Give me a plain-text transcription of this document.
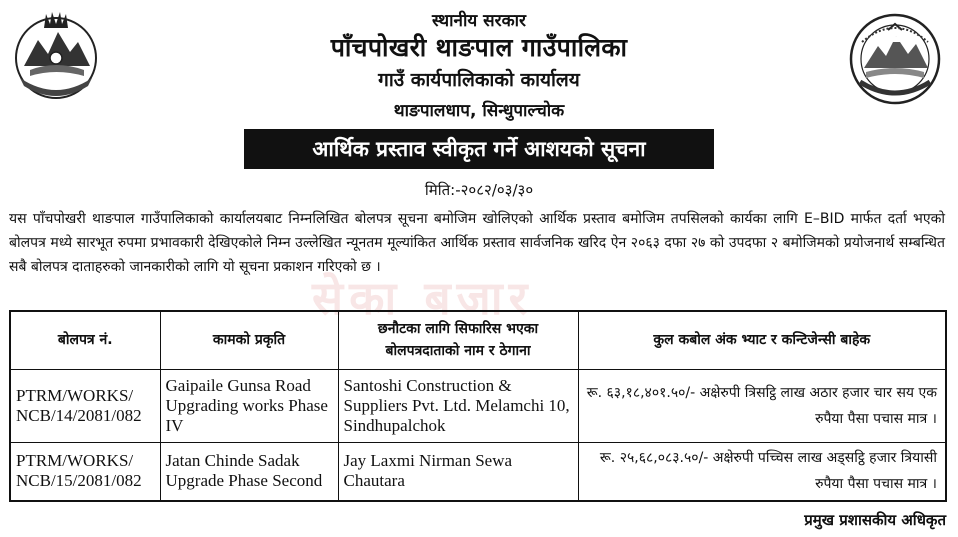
स्थानीय सरकार
पाँचपोखरी थाङपाल गाउँपालिका
गाउँ कार्यपालिकाको कार्यालय
थाङपालधाप, सिन्धुपाल्चोक
आर्थिक प्रस्ताव स्वीकृत गर्ने आशयको सूचना
मिति:-२०८२/०३/३०
यस पाँचपोखरी थाङपाल गाउँपालिकाको कार्यालयबाट निम्नलिखित बोलपत्र सूचना बमोजिम खोलिएको आर्थिक प्रस्ताव बमोजिम तपसिलको कार्यका लागि E–BID मार्फत दर्ता भएको बोलपत्र मध्ये सारभूत रुपमा प्रभावकारी देखिएकोले निम्न उल्लेखित न्यूनतम मूल्यांकित आर्थिक प्रस्ताव सार्वजनिक खरिद ऐन २०६३ दफा २७ को उपदफा २ बमोजिमको प्रयोजनार्थ सम्बन्धित सबै बोलपत्र दाताहरुको जानकारीको लागि यो सूचना प्रकाशन गरिएको छ ।
सेका बजार
बोलपत्र नं.	कामको प्रकृति	छनौटका लागि सिफारिस भएका बोलपत्रदाताको नाम र ठेगाना	कुल कबोल अंक भ्याट र कन्टिजेन्सी बाहेक
PTRM/WORKS/ NCB/14/2081/082	Gaipaile Gunsa Road Upgrading works Phase IV	Santoshi Construction & Suppliers Pvt. Ltd. Melamchi 10, Sindhupalchok	रू. ६३,१८,४०१.५०/- अक्षेरुपी त्रिसट्ठि लाख अठार हजार चार सय एक रुपैया पैसा पचास मात्र ।
PTRM/WORKS/ NCB/15/2081/082	Jatan Chinde Sadak Upgrade Phase Second	Jay Laxmi Nirman Sewa Chautara	रू. २५,६८,०८३.५०/- अक्षेरुपी पच्चिस लाख अड्सट्ठि हजार त्रियासी रुपैया पैसा पचास मात्र ।
प्रमुख प्रशासकीय अधिकृत
